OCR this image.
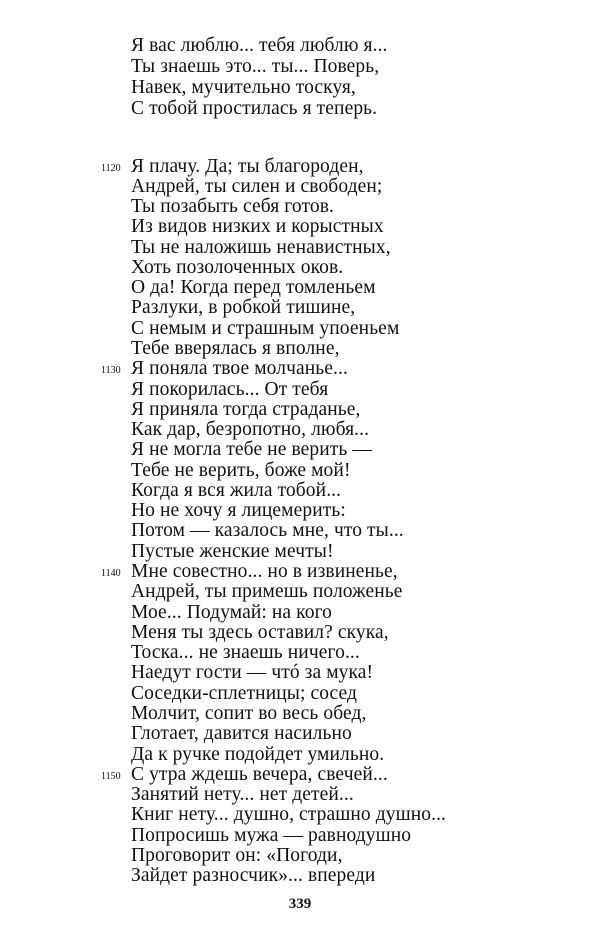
Я вас люблю... тебя люблю я...
Ты знаешь это... ты... Поверь,
Навек, мучительно тоскуя,
С тобой простилась я теперь.
Я плачу. Да; ты благороден,
Андрей, ты силен и свободен;
Ты позабыть себя готов.
Из видов низких и корыстных
Ты не наложишь ненавистных,
Хоть позолоченных оков.
О да! Когда перед томленьем
Разлуки, в робкой тишине,
С немым и страшным упоеньем
Тебе вверялась я вполне,
Я поняла твое молчанье...
Я покорилась... От тебя
Я приняла тогда страданье,
Как дар, безропотно, любя...
Я не могла тебе не верить —
Тебе не верить, боже мой!
Когда я вся жила тобой...
Но не хочу я лицемерить:
Потом — казалось мне, что ты...
Пустые женские мечты!
Мне совестно... но в извиненье,
Андрей, ты примешь положенье
Мое... Подумай: на кого
Меня ты здесь оставил? скука,
Тоска... не знаешь ничего...
Наедут гости — чтó за мука!
Соседки-сплетницы; сосед
Молчит, сопит во весь обед,
Глотает, давится насильно
Да к ручке подойдет умильно.
С утра ждешь вечера, свечей...
Занятий нету... нет детей...
Книг нету... душно, страшно душно...
Попросишь мужа — равнодушно
Проговорит он: «Погоди,
Зайдет разносчик»... впереди
1120
1130
1140
1150
339
